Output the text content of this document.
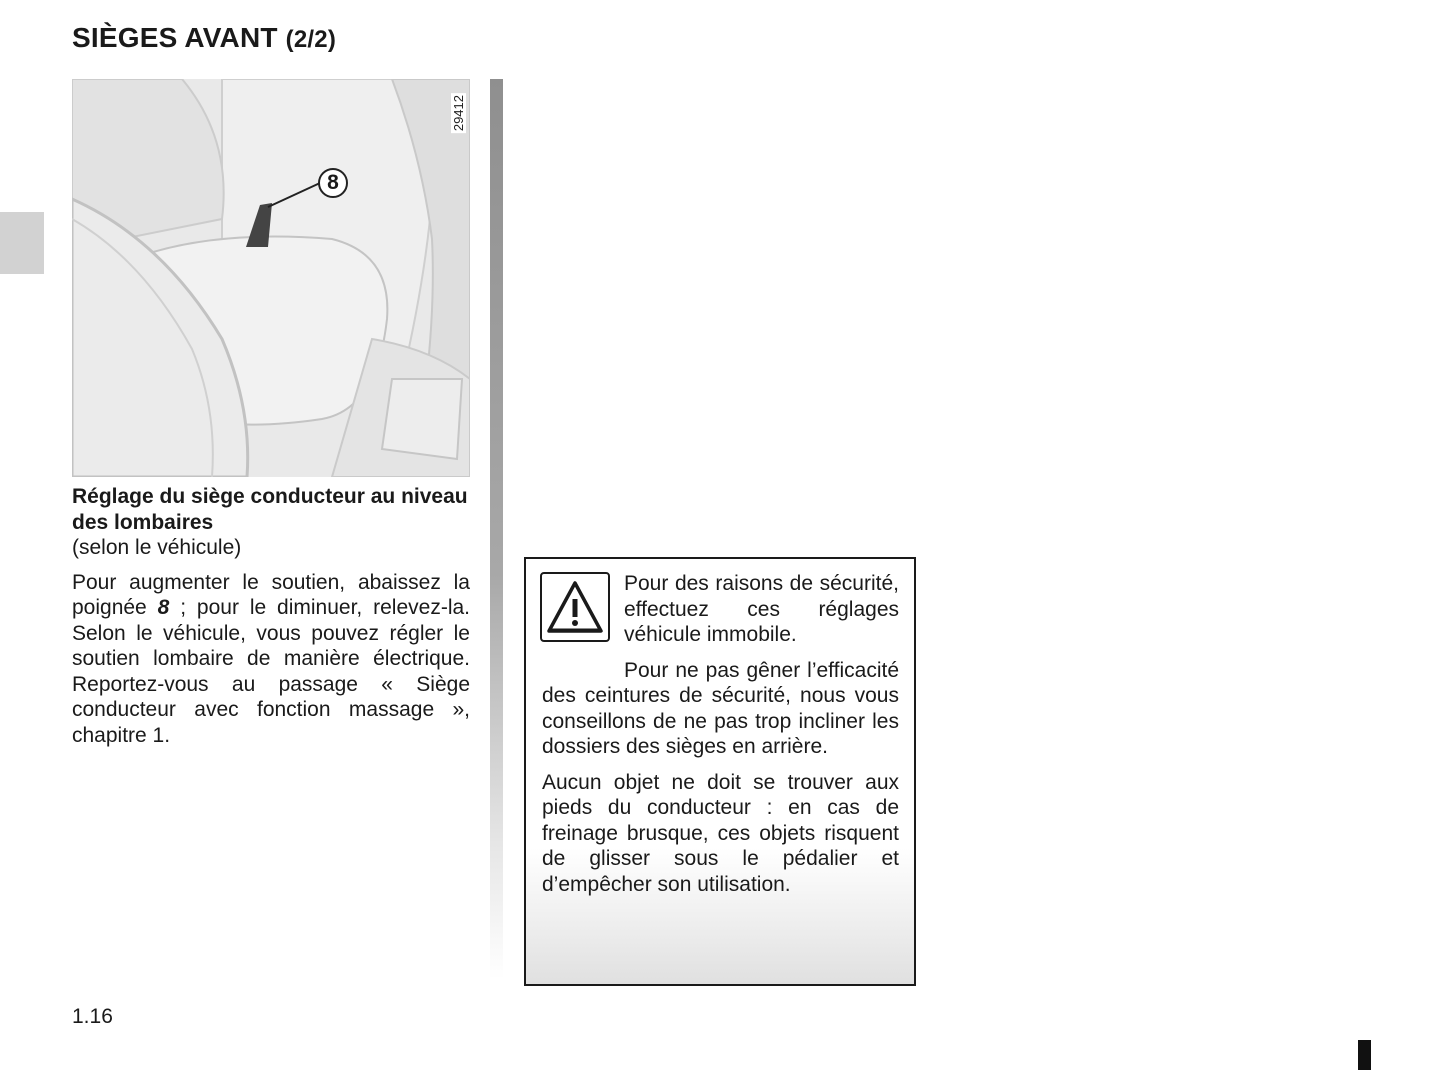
SIÈGES AVANT (2/2)
8
29412

Réglage du siège conducteur au niveau des lombaires

(selon le véhicule)

Pour augmenter le soutien, abaissez la poignée 8 ; pour le diminuer, relevez-la. Selon le véhicule, vous pouvez régler le soutien lombaire de manière électrique. Reportez-vous au passage « Siège conducteur avec fonction massage », chapitre 1.

Pour des raisons de sécurité, effectuez ces réglages véhicule immobile.

Pour ne pas gêner l’efficacité des ceintures de sécurité, nous vous conseillons de ne pas trop incliner les dossiers des sièges en arrière.

Aucun objet ne doit se trouver aux pieds du conducteur : en cas de freinage brusque, ces objets risquent de glisser sous le pédalier et d’empêcher son utilisation.

1.16
